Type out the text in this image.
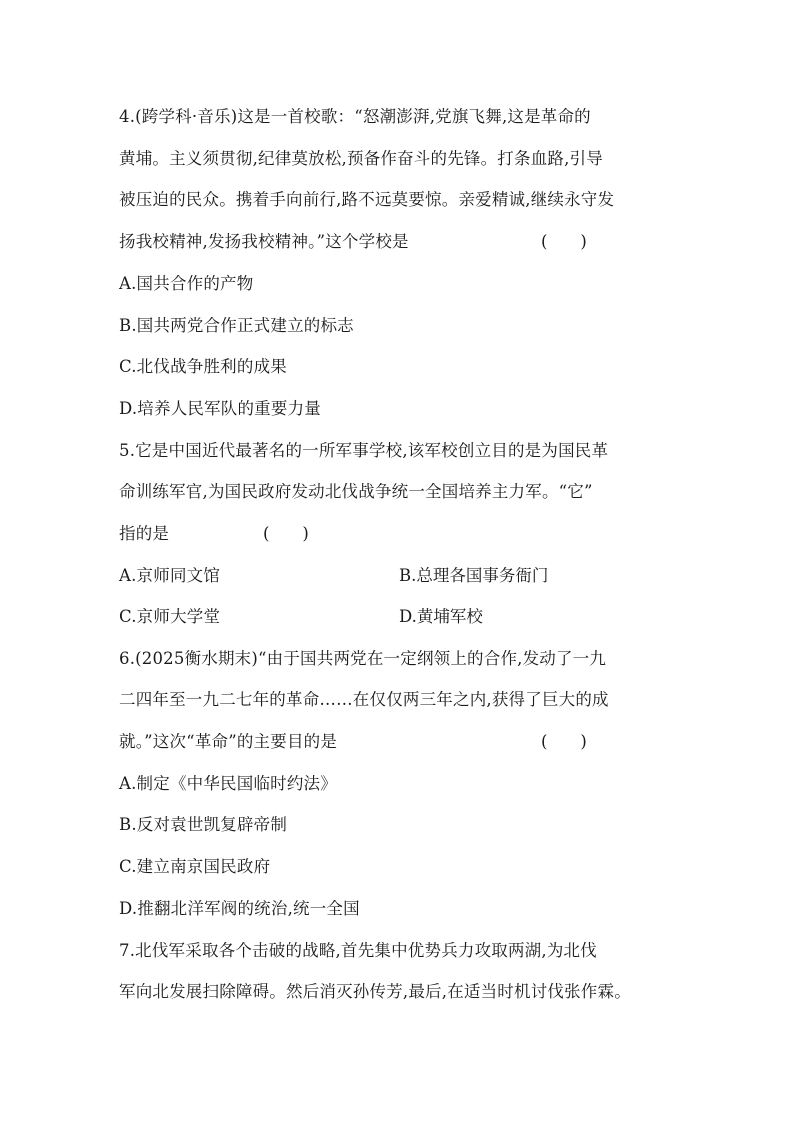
4.(跨学科·音乐)这是一首校歌：“怒潮澎湃,党旗飞舞,这是革命的
黄埔。主义须贯彻,纪律莫放松,预备作奋斗的先锋。打条血路,引导
被压迫的民众。携着手向前行,路不远莫要惊。亲爱精诚,继续永守发
扬我校精神,发扬我校精神。”这个学校是	(　　)
A.国共合作的产物
B.国共两党合作正式建立的标志
C.北伐战争胜利的成果
D.培养人民军队的重要力量
5.它是中国近代最著名的一所军事学校,该军校创立目的是为国民革
命训练军官,为国民政府发动北伐战争统一全国培养主力军。“它”
指的是	(　　)
A.京师同文馆	B.总理各国事务衙门
C.京师大学堂	D.黄埔军校
6.(2025衡水期末)“由于国共两党在一定纲领上的合作,发动了一九
二四年至一九二七年的革命……在仅仅两三年之内,获得了巨大的成
就。”这次“革命”的主要目的是	(　　)
A.制定《中华民国临时约法》
B.反对袁世凯复辟帝制
C.建立南京国民政府
D.推翻北洋军阀的统治,统一全国
7.北伐军采取各个击破的战略,首先集中优势兵力攻取两湖,为北伐
军向北发展扫除障碍。然后消灭孙传芳,最后,在适当时机讨伐张作霖。
